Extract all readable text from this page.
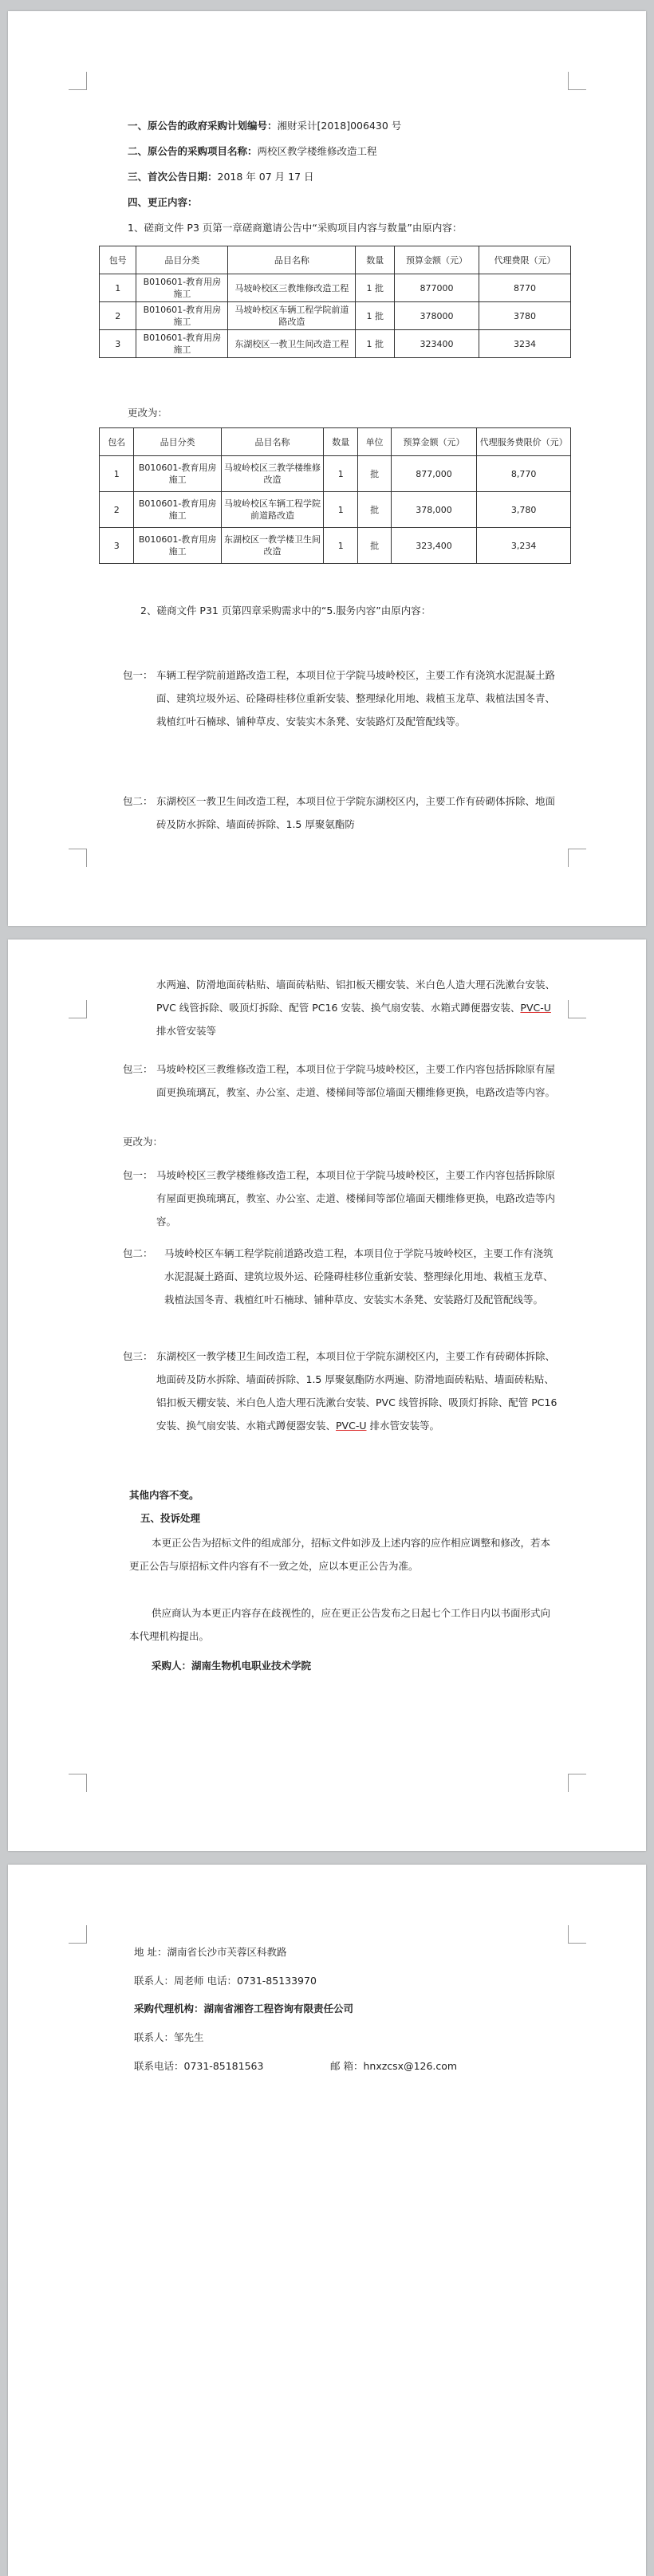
一、原公告的政府采购计划编号：湘财采计[2018]006430 号
二、原公告的采购项目名称：两校区教学楼维修改造工程
三、首次公告日期：2018 年 07 月 17 日
四、更正内容：
1、磋商文件 P3 页第一章磋商邀请公告中“采购项目内容与数量”由原内容：
包号	品目分类	品目名称	数量	预算金额（元）	代理费限（元）
1	B010601-教育用房施工	马坡岭校区三教维修改造工程	1 批	877000	8770
2	B010601-教育用房施工	马坡岭校区车辆工程学院前道路改造	1 批	378000	3780
3	B010601-教育用房施工	东湖校区一教卫生间改造工程	1 批	323400	3234
更改为：
包名	品目分类	品目名称	数量	单位	预算金额（元）	代理服务费限价（元）
1	B010601-教育用房施工	马坡岭校区三教学楼维修改造	1	批	877,000	8,770
2	B010601-教育用房施工	马坡岭校区车辆工程学院前道路改造	1	批	378,000	3,780
3	B010601-教育用房施工	东湖校区一教学楼卫生间改造	1	批	323,400	3,234
2、磋商文件 P31 页第四章采购需求中的“5.服务内容”由原内容：
包一： 车辆工程学院前道路改造工程，本项目位于学院马坡岭校区，主要工作有浇筑水泥混凝土路面、建筑垃圾外运、砼隆碍桂移位重新安装、整理绿化用地、栽植玉龙草、栽植法国冬青、栽植红叶石楠球、铺种草皮、安装实木条凳、安装路灯及配管配线等。
包二： 东湖校区一教卫生间改造工程，本项目位于学院东湖校区内，主要工作有砖砌体拆除、地面砖及防水拆除、墙面砖拆除、1.5 厚聚氨酯防
水两遍、防滑地面砖粘贴、墙面砖粘贴、铝扣板天棚安装、米白色人造大理石洗漱台安装、PVC 线管拆除、吸顶灯拆除、配管 PC16 安装、换气扇安装、水箱式蹲便器安装、PVC-U 排水管安装等
包三： 马坡岭校区三教维修改造工程，本项目位于学院马坡岭校区，主要工作内容包括拆除原有屋面更换琉璃瓦，教室、办公室、走道、楼梯间等部位墙面天棚维修更换，电路改造等内容。
更改为：
包一： 马坡岭校区三教学楼维修改造工程，本项目位于学院马坡岭校区，主要工作内容包括拆除原有屋面更换琉璃瓦，教室、办公室、走道、楼梯间等部位墙面天棚维修更换，电路改造等内容。
包二： 马坡岭校区车辆工程学院前道路改造工程，本项目位于学院马坡岭校区，主要工作有浇筑水泥混凝土路面、建筑垃圾外运、砼隆碍桂移位重新安装、整理绿化用地、栽植玉龙草、栽植法国冬青、栽植红叶石楠球、铺种草皮、安装实木条凳、安装路灯及配管配线等。
包三： 东湖校区一教学楼卫生间改造工程，本项目位于学院东湖校区内，主要工作有砖砌体拆除、地面砖及防水拆除、墙面砖拆除、1.5 厚聚氨酯防水两遍、防滑地面砖粘贴、墙面砖粘贴、铝扣板天棚安装、米白色人造大理石洗漱台安装、PVC 线管拆除、吸顶灯拆除、配管 PC16 安装、换气扇安装、水箱式蹲便器安装、PVC-U 排水管安装等。
其他内容不变。
五、投诉处理
本更正公告为招标文件的组成部分，招标文件如涉及上述内容的应作相应调整和修改，若本更正公告与原招标文件内容有不一致之处，应以本更正公告为准。
供应商认为本更正内容存在歧视性的，应在更正公告发布之日起七个工作日内以书面形式向本代理机构提出。
采购人：湖南生物机电职业技术学院
地 址：湖南省长沙市芙蓉区科教路
联系人：周老师 电话：0731-85133970
采购代理机构：湖南省湘咨工程咨询有限责任公司
联系人：邹先生
联系电话：0731-85181563	邮 箱：hnxzcsx@126.com
